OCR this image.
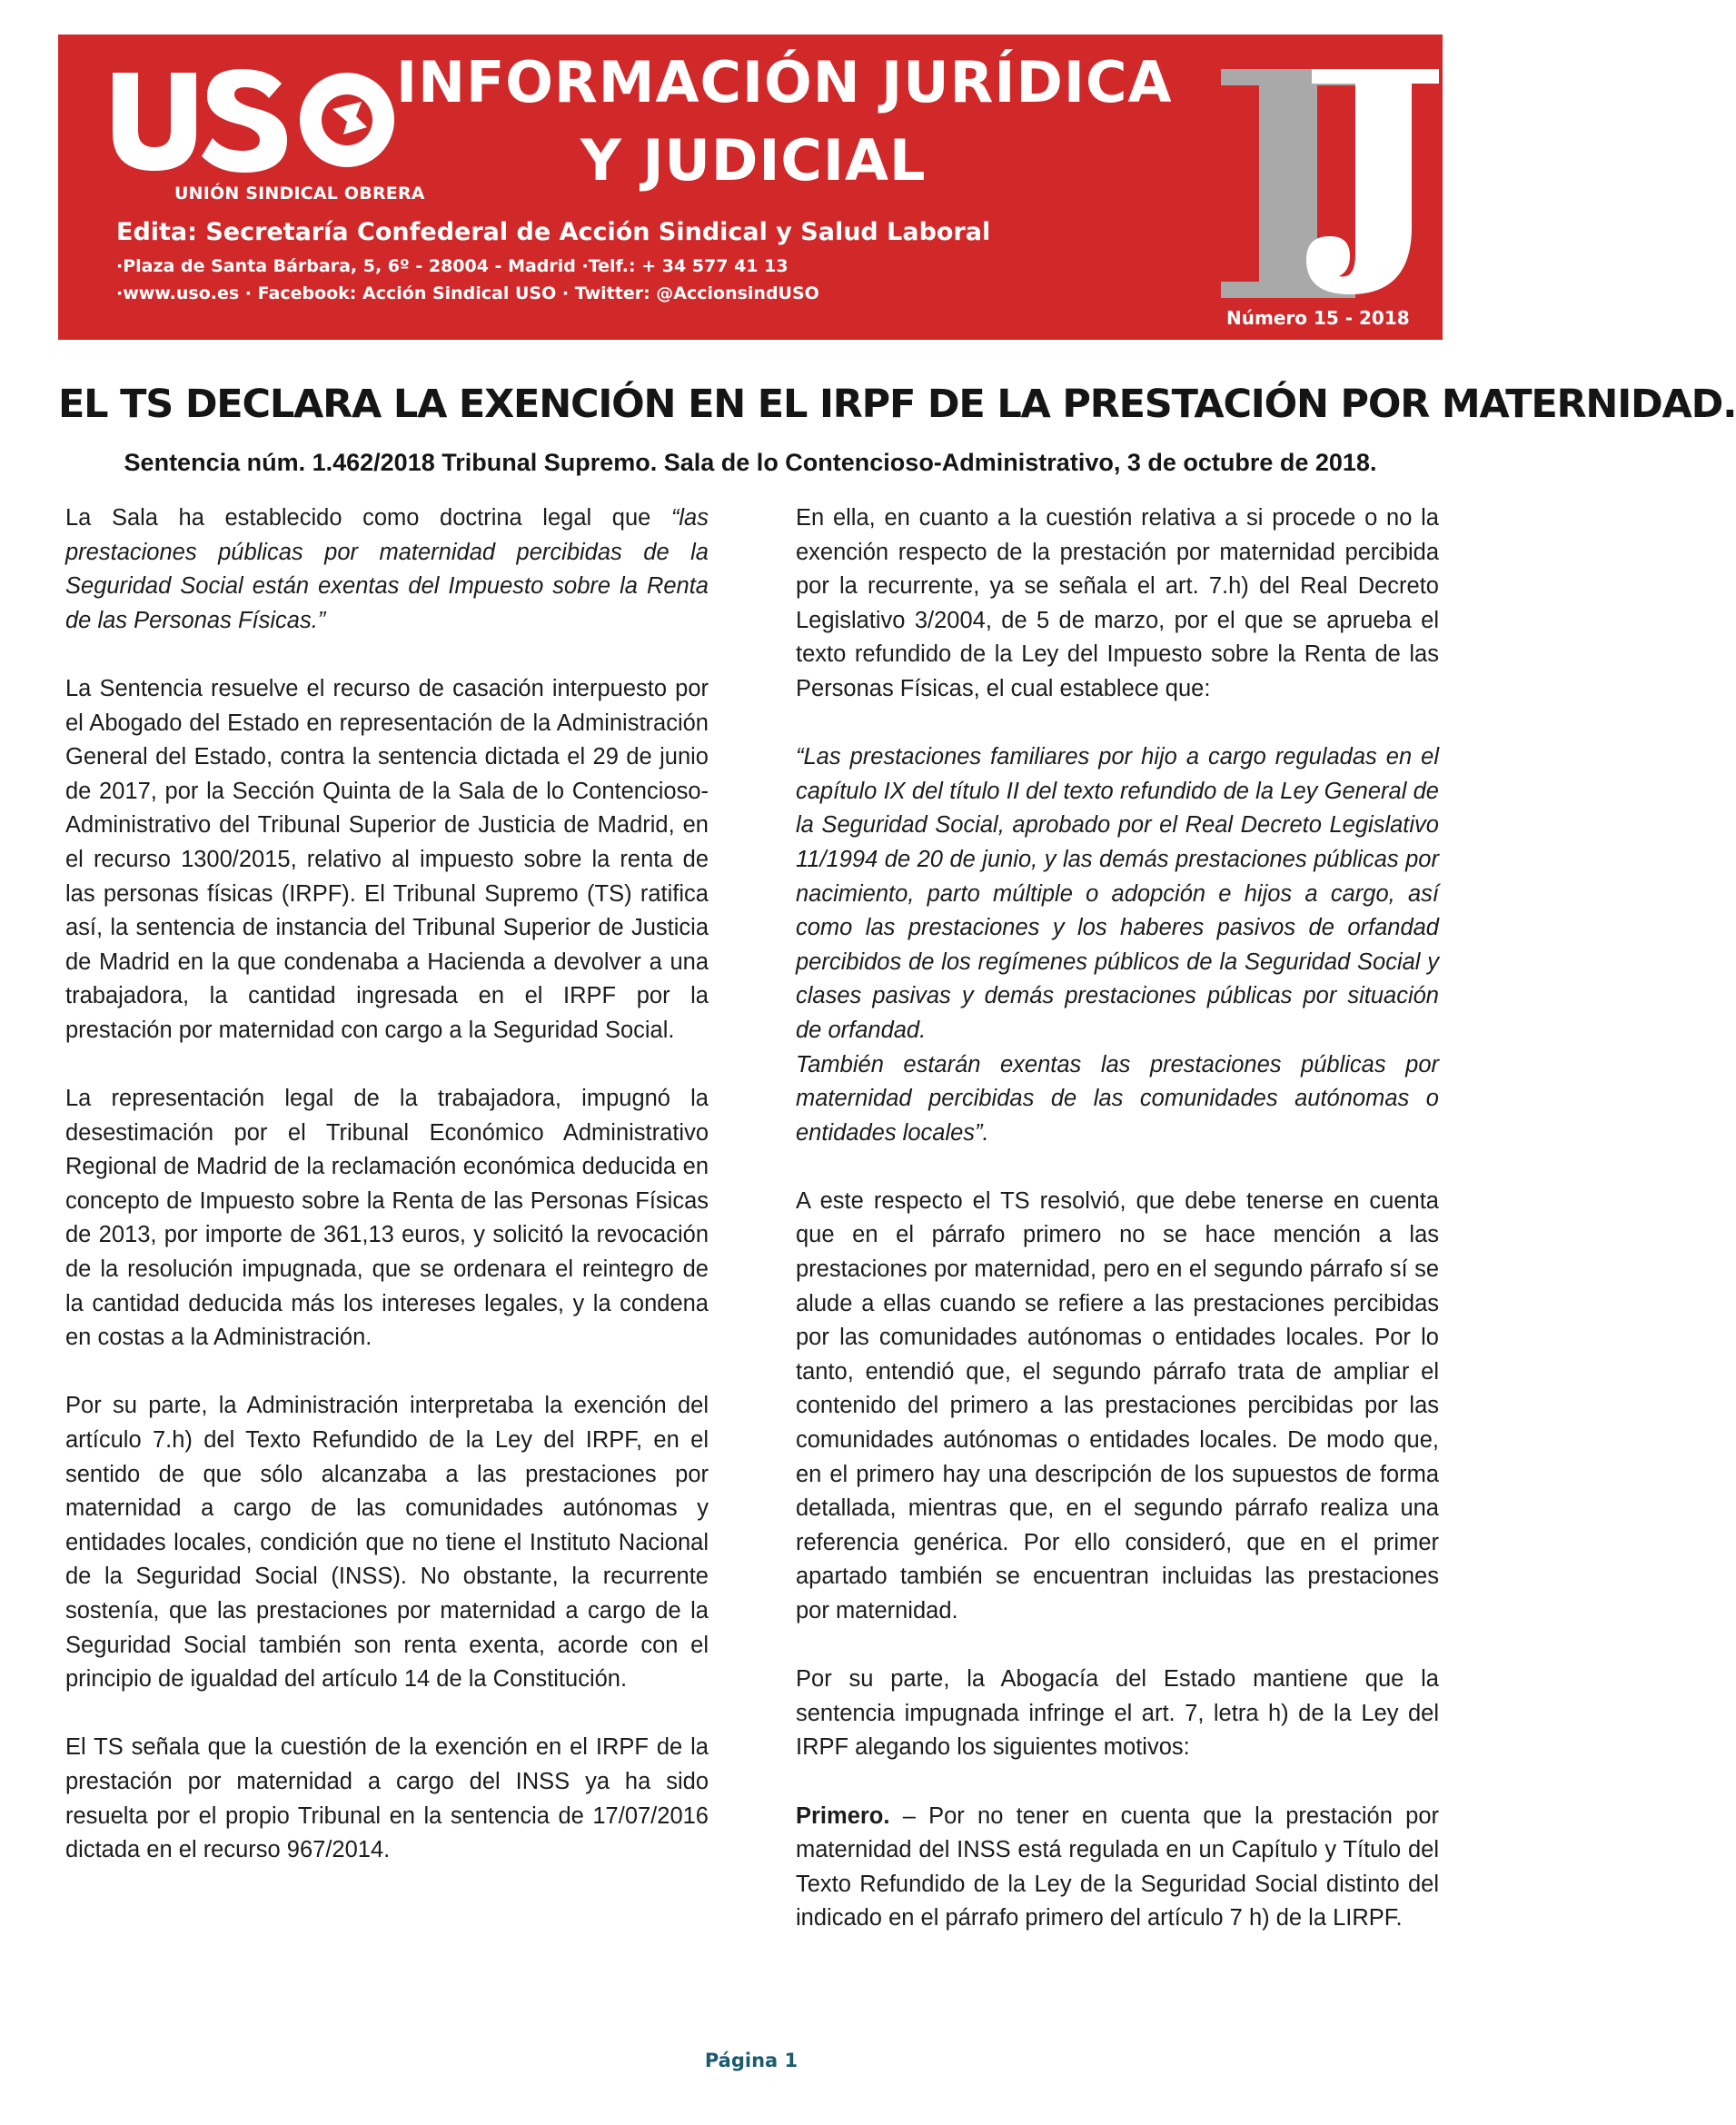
UNIÓN SINDICAL OBRERA
INFORMACIÓN JURÍDICA
Y JUDICIAL
Edita: Secretaría Confederal de Acción Sindical y Salud Laboral
·Plaza de Santa Bárbara, 5, 6º - 28004 - Madrid ·Telf.: + 34 577 41 13
·www.uso.es · Facebook: Acción Sindical USO · Twitter: @AccionsindUSO
Número 15 - 2018
EL TS DECLARA LA EXENCIÓN EN EL IRPF DE LA PRESTACIÓN POR MATERNIDAD.
Sentencia núm. 1.462/2018 Tribunal Supremo. Sala de lo Contencioso-Administrativo, 3 de octubre de 2018.

La Sala ha establecido como doctrina legal que “las prestaciones públicas por maternidad percibidas de la Seguridad Social están exentas del Impuesto sobre la Renta de las Personas Físicas.”

La Sentencia resuelve el recurso de casación interpuesto por el Abogado del Estado en representación de la Administración General del Estado, contra la sentencia dictada el 29 de junio de 2017, por la Sección Quinta de la Sala de lo Contencioso-Administrativo del Tribunal Superior de Justicia de Madrid, en el recurso 1300/2015, relativo al impuesto sobre la renta de las personas físicas (IRPF). El Tribunal Supremo (TS) ratifica así, la sentencia de instancia del Tribunal Superior de Justicia de Madrid en la que condenaba a Hacienda a devolver a una trabajadora, la cantidad ingresada en el IRPF por la prestación por maternidad con cargo a la Seguridad Social.

La representación legal de la trabajadora, impugnó la desestimación por el Tribunal Económico Administrativo Regional de Madrid de la reclamación económica deducida en concepto de Impuesto sobre la Renta de las Personas Físicas de 2013, por importe de 361,13 euros, y solicitó la revocación de la resolución impugnada, que se ordenara el reintegro de la cantidad deducida más los intereses legales, y la condena en costas a la Administración.

Por su parte, la Administración interpretaba la exención del artículo 7.h) del Texto Refundido de la Ley del IRPF, en el sentido de que sólo alcanzaba a las prestaciones por maternidad a cargo de las comunidades autónomas y entidades locales, condición que no tiene el Instituto Nacional de la Seguridad Social (INSS). No obstante, la recurrente sostenía, que las prestaciones por maternidad a cargo de la Seguridad Social también son renta exenta, acorde con el principio de igualdad del artículo 14 de la Constitución.

El TS señala que la cuestión de la exención en el IRPF de la prestación por maternidad a cargo del INSS ya ha sido resuelta por el propio Tribunal en la sentencia de 17/07/2016 dictada en el recurso 967/2014.

En ella, en cuanto a la cuestión relativa a si procede o no la exención respecto de la prestación por maternidad percibida por la recurrente, ya se señala el art. 7.h) del Real Decreto Legislativo 3/2004, de 5 de marzo, por el que se aprueba el texto refundido de la Ley del Impuesto sobre la Renta de las Personas Físicas, el cual establece que:

“Las prestaciones familiares por hijo a cargo reguladas en el capítulo IX del título II del texto refundido de la Ley General de la Seguridad Social, aprobado por el Real Decreto Legislativo 11/1994 de 20 de junio, y las demás prestaciones públicas por nacimiento, parto múltiple o adopción e hijos a cargo, así como las prestaciones y los haberes pasivos de orfandad percibidos de los regímenes públicos de la Seguridad Social y clases pasivas y demás prestaciones públicas por situación de orfandad.

También estarán exentas las prestaciones públicas por maternidad percibidas de las comunidades autónomas o entidades locales”.

A este respecto el TS resolvió, que debe tenerse en cuenta que en el párrafo primero no se hace mención a las prestaciones por maternidad, pero en el segundo párrafo sí se alude a ellas cuando se refiere a las prestaciones percibidas por las comunidades autónomas o entidades locales. Por lo tanto, entendió que, el segundo párrafo trata de ampliar el contenido del primero a las prestaciones percibidas por las comunidades autónomas o entidades locales. De modo que, en el primero hay una descripción de los supuestos de forma detallada, mientras que, en el segundo párrafo realiza una referencia genérica. Por ello consideró, que en el primer apartado también se encuentran incluidas las prestaciones por maternidad.

Por su parte, la Abogacía del Estado mantiene que la sentencia impugnada infringe el art. 7, letra h) de la Ley del IRPF alegando los siguientes motivos:

Primero. – Por no tener en cuenta que la prestación por maternidad del INSS está regulada en un Capítulo y Título del Texto Refundido de la Ley de la Seguridad Social distinto del indicado en el párrafo primero del artículo 7 h) de la LIRPF.

Página 1
